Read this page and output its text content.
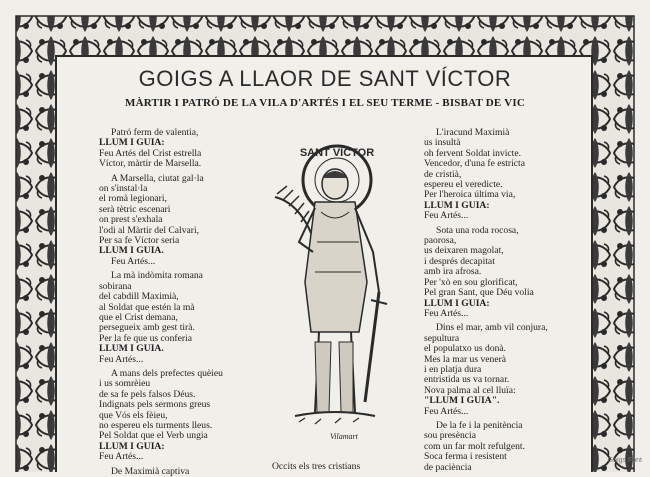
GOIGS A LLAOR DE SANT VÍCTOR
MÀRTIR I PATRÓ DE LA VILA D'ARTÉS I EL SEU TERME - BISBAT DE VIC
Patró ferm de valentia,
LLUM I GUIA:
Feu Artés del Crist estrella
Víctor, màrtir de Marsella.
A Marsella, ciutat gal·la
on s'instal·la
el romà legionari,
serà tètric escenari
on prest s'exhala
l'odi al Màrtir del Calvari,
Per sa fe Víctor seria
LLUM I GUIA.
Feu Artés...
La mà indòmita romana
sobirana
del cabdill Maximià,
al Soldat que estén la mà
que el Crist demana,
persegueix amb gest tirà.
Per la fe que us conferia
LLUM I GUIA.
Feu Artés...
A mans dels prefectes quèieu
i us somrèieu
de sa fe pels falsos Déus.
Indignats pels sermons greus
que Vós els fèieu,
no espereu els turments lleus.
Pel Soldat que el Verb ungia
LLUM I GUIA:
Feu Artés...
De Maximià captiva
L'iracund Maximià
us insultà
oh fervent Soldat invicte.
Vencedor, d'una fe estricta
de cristià,
espereu el veredicte.
Per l'heroica última via,
LLUM I GUIA:
Feu Artés...
Sota una roda rocosa,
paorosa,
us deixaren magolat,
i després decapitat
amb ira afrosa.
Per 'xò en sou glorificat,
Pel gran Sant, que Déu volia
LLUM I GUIA:
Feu Artés...
Dins el mar, amb vil conjura,
sepultura
el populatxo us donà.
Mes la mar us venerà
i en platja dura
entristida us va tornar.
Nova palma al cel lluïa:
"LLUM I GUIA".
Feu Artés...
De la fe i la penitència
sou presència
com un far molt refulgent.
Soca ferma i resistent
de paciència
SANT VICTOR
Vilamart
Occits els tres cristians
Goigs Font
